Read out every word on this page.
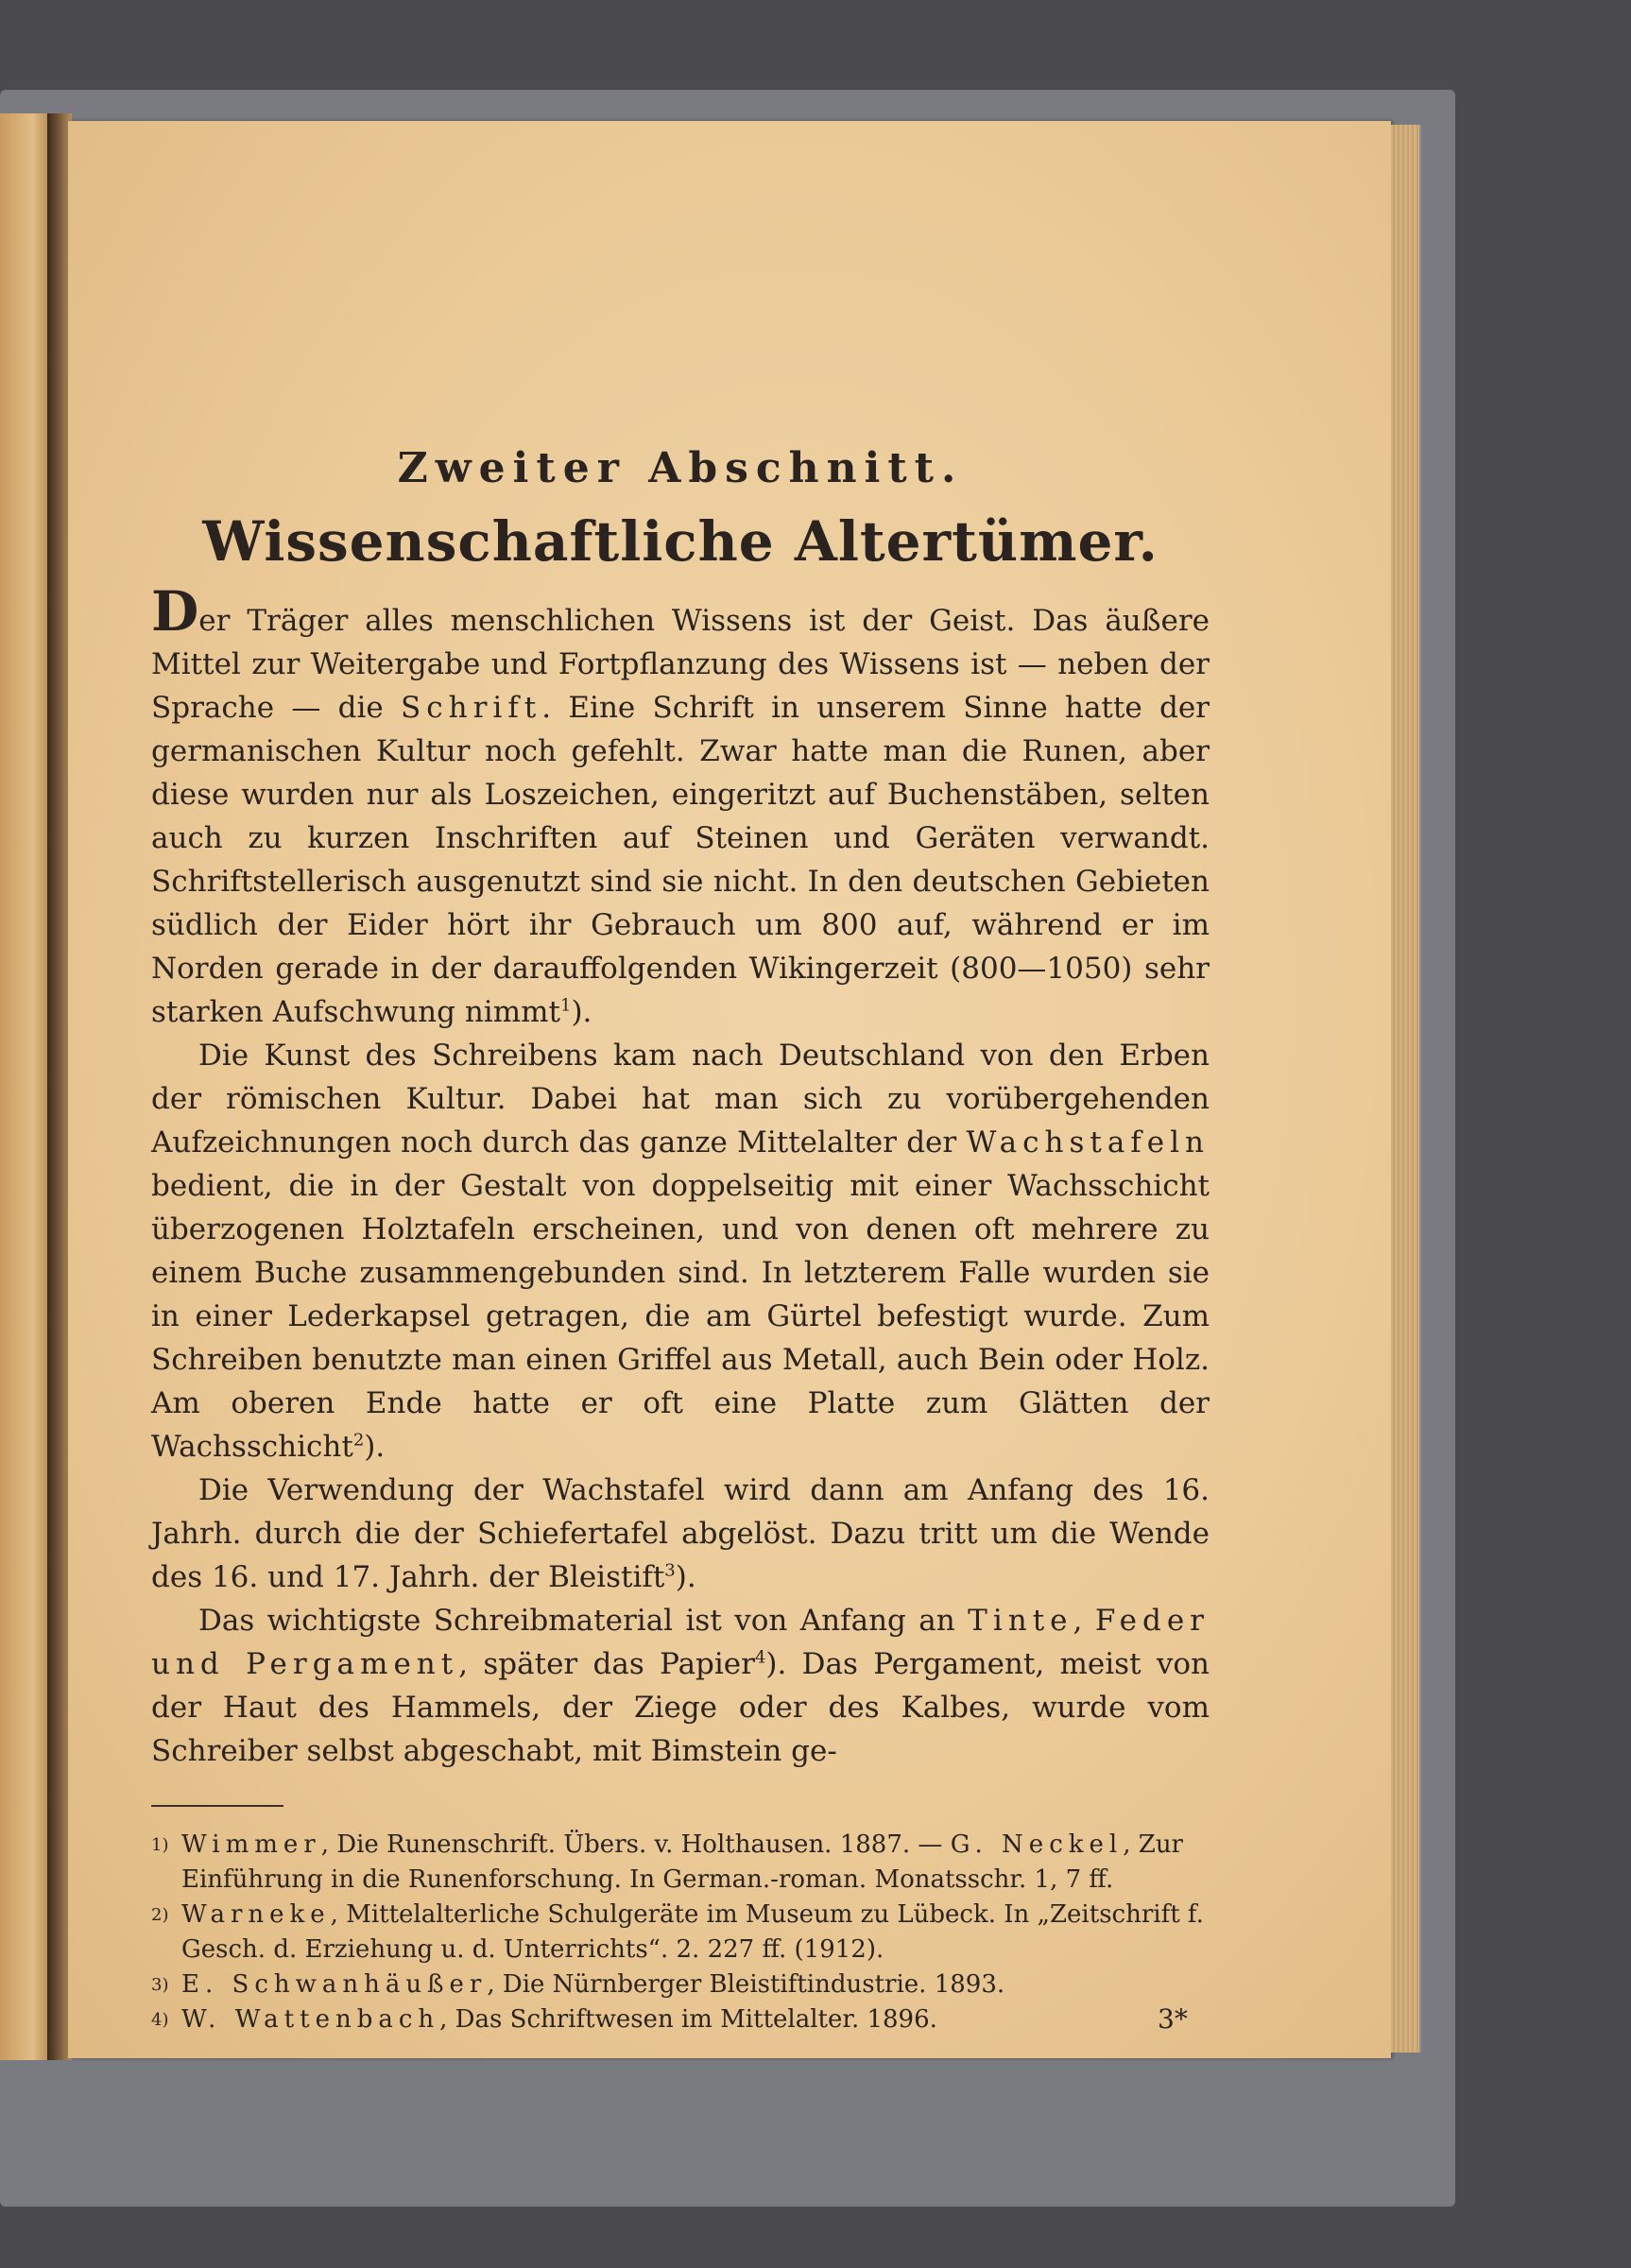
Zweiter Abschnitt.
Wissenschaftliche Altertümer.

Der Träger alles menschlichen Wissens ist der Geist. Das äußere Mittel zur Weitergabe und Fortpflanzung des Wissens ist — neben der Sprache — die Schrift. Eine Schrift in unserem Sinne hatte der germanischen Kultur noch gefehlt. Zwar hatte man die Runen, aber diese wurden nur als Loszeichen, eingeritzt auf Buchenstäben, selten auch zu kurzen Inschriften auf Steinen und Geräten verwandt. Schriftstellerisch ausgenutzt sind sie nicht. In den deutschen Gebieten südlich der Eider hört ihr Gebrauch um 800 auf, während er im Norden gerade in der darauffolgenden Wikingerzeit (800—1050) sehr starken Aufschwung nimmt$^1$).

Die Kunst des Schreibens kam nach Deutschland von den Erben der römischen Kultur. Dabei hat man sich zu vorübergehenden Aufzeichnungen noch durch das ganze Mittelalter der Wachstafeln bedient, die in der Gestalt von doppelseitig mit einer Wachsschicht überzogenen Holztafeln erscheinen, und von denen oft mehrere zu einem Buche zusammengebunden sind. In letzterem Falle wurden sie in einer Lederkapsel getragen, die am Gürtel befestigt wurde. Zum Schreiben benutzte man einen Griffel aus Metall, auch Bein oder Holz. Am oberen Ende hatte er oft eine Platte zum Glätten der Wachsschicht$^2$).

Die Verwendung der Wachstafel wird dann am Anfang des 16. Jahrh. durch die der Schiefertafel abgelöst. Dazu tritt um die Wende des 16. und 17. Jahrh. der Bleistift$^3$).

Das wichtigste Schreibmaterial ist von Anfang an Tinte, Feder und Pergament, später das Papier$^4$). Das Pergament, meist von der Haut des Hammels, der Ziege oder des Kalbes, wurde vom Schreiber selbst abgeschabt, mit Bimstein ge-

1) Wimmer, Die Runenschrift. Übers. v. Holthausen. 1887. — G. Neckel, Zur Einführung in die Runenforschung. In German.-roman. Monatsschr. 1, 7 ff.

2) Warneke, Mittelalterliche Schulgeräte im Museum zu Lübeck. In „Zeitschrift f. Gesch. d. Erziehung u. d. Unterrichts“. 2. 227 ff. (1912).

3) E. Schwanhäußer, Die Nürnberger Bleistiftindustrie. 1893.

4) W. Wattenbach, Das Schriftwesen im Mittelalter. 1896.	3*
